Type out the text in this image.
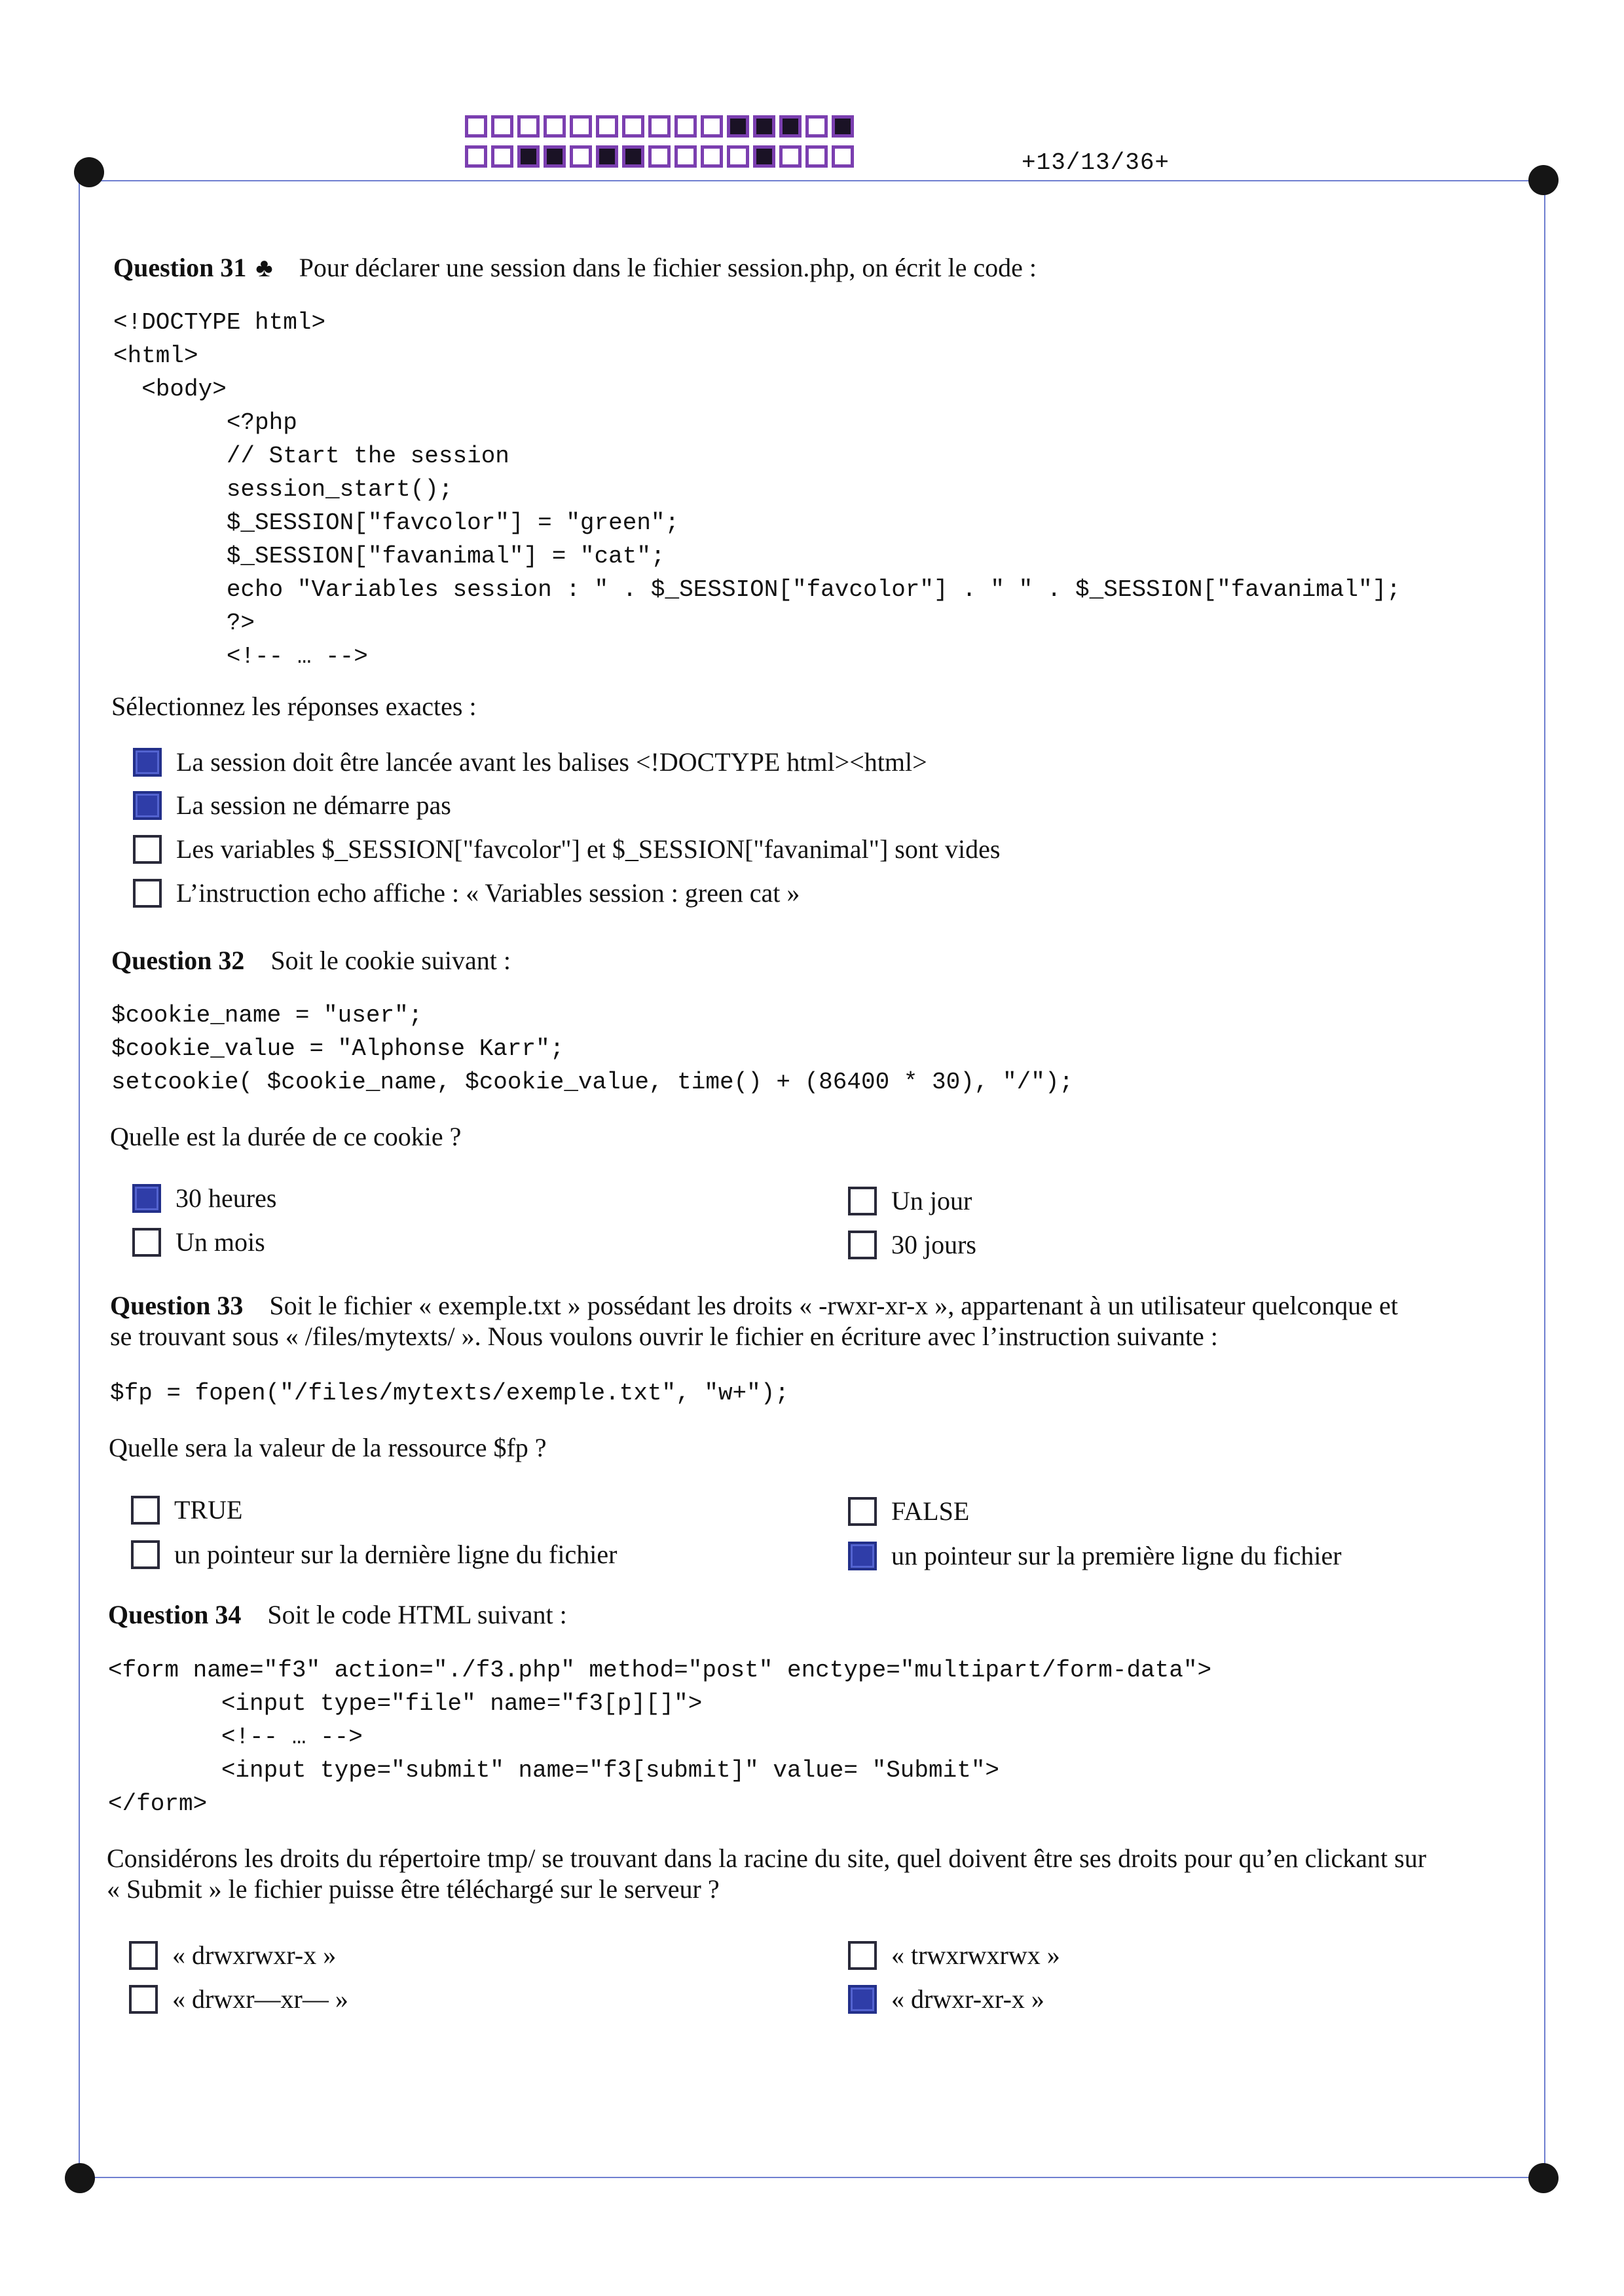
+13/13/36+
Question 31 ♣ Pour déclarer une session dans le fichier session.php, on écrit le code :
<!DOCTYPE html>
<html>
<body>
<?php
// Start the session
session_start();
$_SESSION["favcolor"] = "green";
$_SESSION["favanimal"] = "cat";
echo "Variables session : " . $_SESSION["favcolor"] . " " . $_SESSION["favanimal"];
?>
<!-- … -->
Sélectionnez les réponses exactes :
La session doit être lancée avant les balises <!DOCTYPE html><html>
La session ne démarre pas
Les variables $_SESSION["favcolor"] et $_SESSION["favanimal"] sont vides
L’instruction echo affiche : « Variables session : green cat »
Question 32 Soit le cookie suivant :
$cookie_name = "user";
$cookie_value = "Alphonse Karr";
setcookie( $cookie_name, $cookie_value, time() + (86400 * 30), "/");
Quelle est la durée de ce cookie ?
30 heures
Un mois
Un jour
30 jours
Question 33 Soit le fichier « exemple.txt » possédant les droits « -rwxr-xr-x », appartenant à un utilisateur quelconque et
se trouvant sous « /files/mytexts/ ». Nous voulons ouvrir le fichier en écriture avec l’instruction suivante :
$fp = fopen("/files/mytexts/exemple.txt", "w+");
Quelle sera la valeur de la ressource $fp ?
TRUE
un pointeur sur la dernière ligne du fichier
FALSE
un pointeur sur la première ligne du fichier
Question 34 Soit le code HTML suivant :
<form name="f3" action="./f3.php" method="post" enctype="multipart/form-data">
<input type="file" name="f3[p][]">
<!-- … -->
<input type="submit" name="f3[submit]" value= "Submit">
</form>
Considérons les droits du répertoire tmp/ se trouvant dans la racine du site, quel doivent être ses droits pour qu’en clickant sur
« Submit » le fichier puisse être téléchargé sur le serveur ?
« drwxrwxr-x »
« drwxr—xr— »
« trwxrwxrwx »
« drwxr-xr-x »
